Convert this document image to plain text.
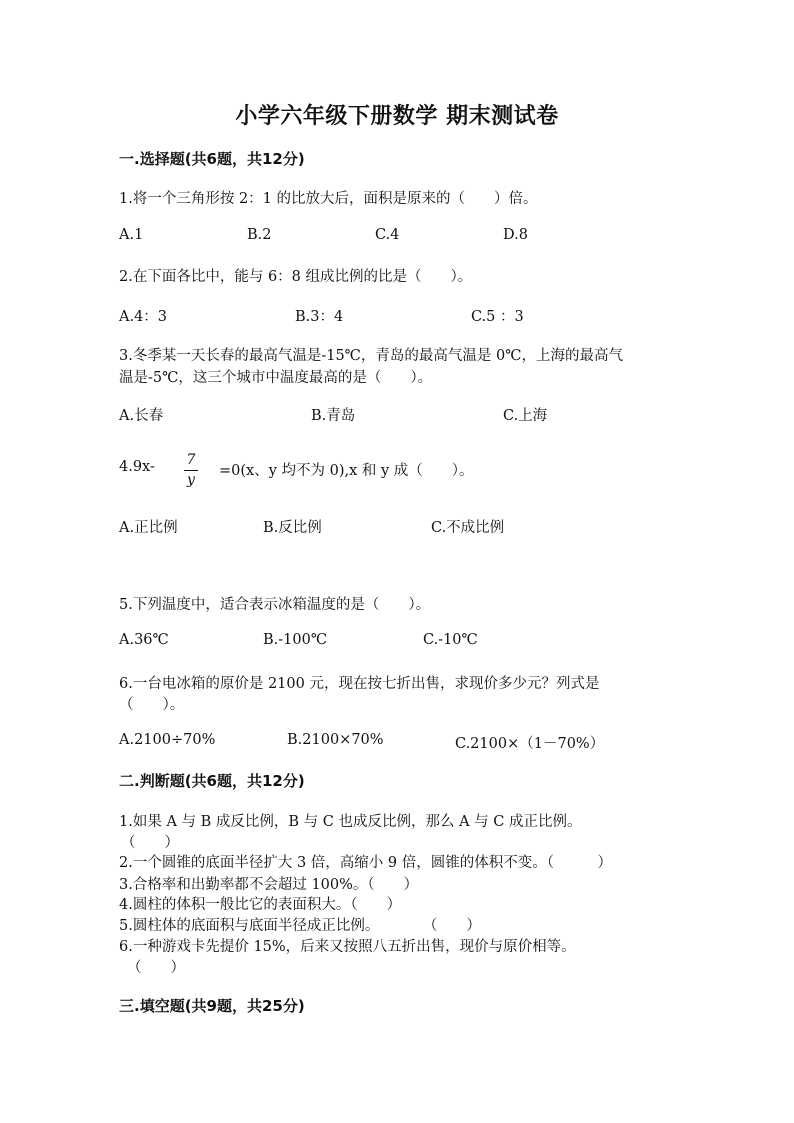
小学六年级下册数学 期末测试卷
一.选择题(共6题，共12分)
1.将一个三角形按 2：1 的比放大后，面积是原来的（　　）倍。
A.1	B.2	C.4	D.8
2.在下面各比中，能与 6：8 组成比例的比是（　　）。
A.4：3	B.3：4	C.5 ：3
3.冬季某一天长春的最高气温是-15℃，青岛的最高气温是 0℃，上海的最高气
温是-5℃，这三个城市中温度最高的是（　　）。
A.长春	B.青岛	C.上海
4.9x- 7
y
=0(x、y 均不为 0),x 和 y 成（　　）。
A.正比例	B.反比例	C.不成比例
5.下列温度中，适合表示冰箱温度的是（　　）。
A.36℃	B.-100℃	C.-10℃
6.一台电冰箱的原价是 2100 元，现在按七折出售，求现价多少元？列式是
（　　）。
A.2100÷70%	B.2100×70%	C.2100×（1－70%）
二.判断题(共6题，共12分)
1.如果 A 与 B 成反比例，B 与 C 也成反比例，那么 A 与 C 成正比例。
（　　）
2.一个圆锥的底面半径扩大 3 倍，高缩小 9 倍，圆锥的体积不变。（　　　）
3.合格率和出勤率都不会超过 100%。（　　）
4.圆柱的体积一般比它的表面积大。（　　）
5.圆柱体的底面积与底面半径成正比例。　　　　（　　）
6.一种游戏卡先提价 15%，后来又按照八五折出售，现价与原价相等。
（　　）
三.填空题(共9题，共25分)
